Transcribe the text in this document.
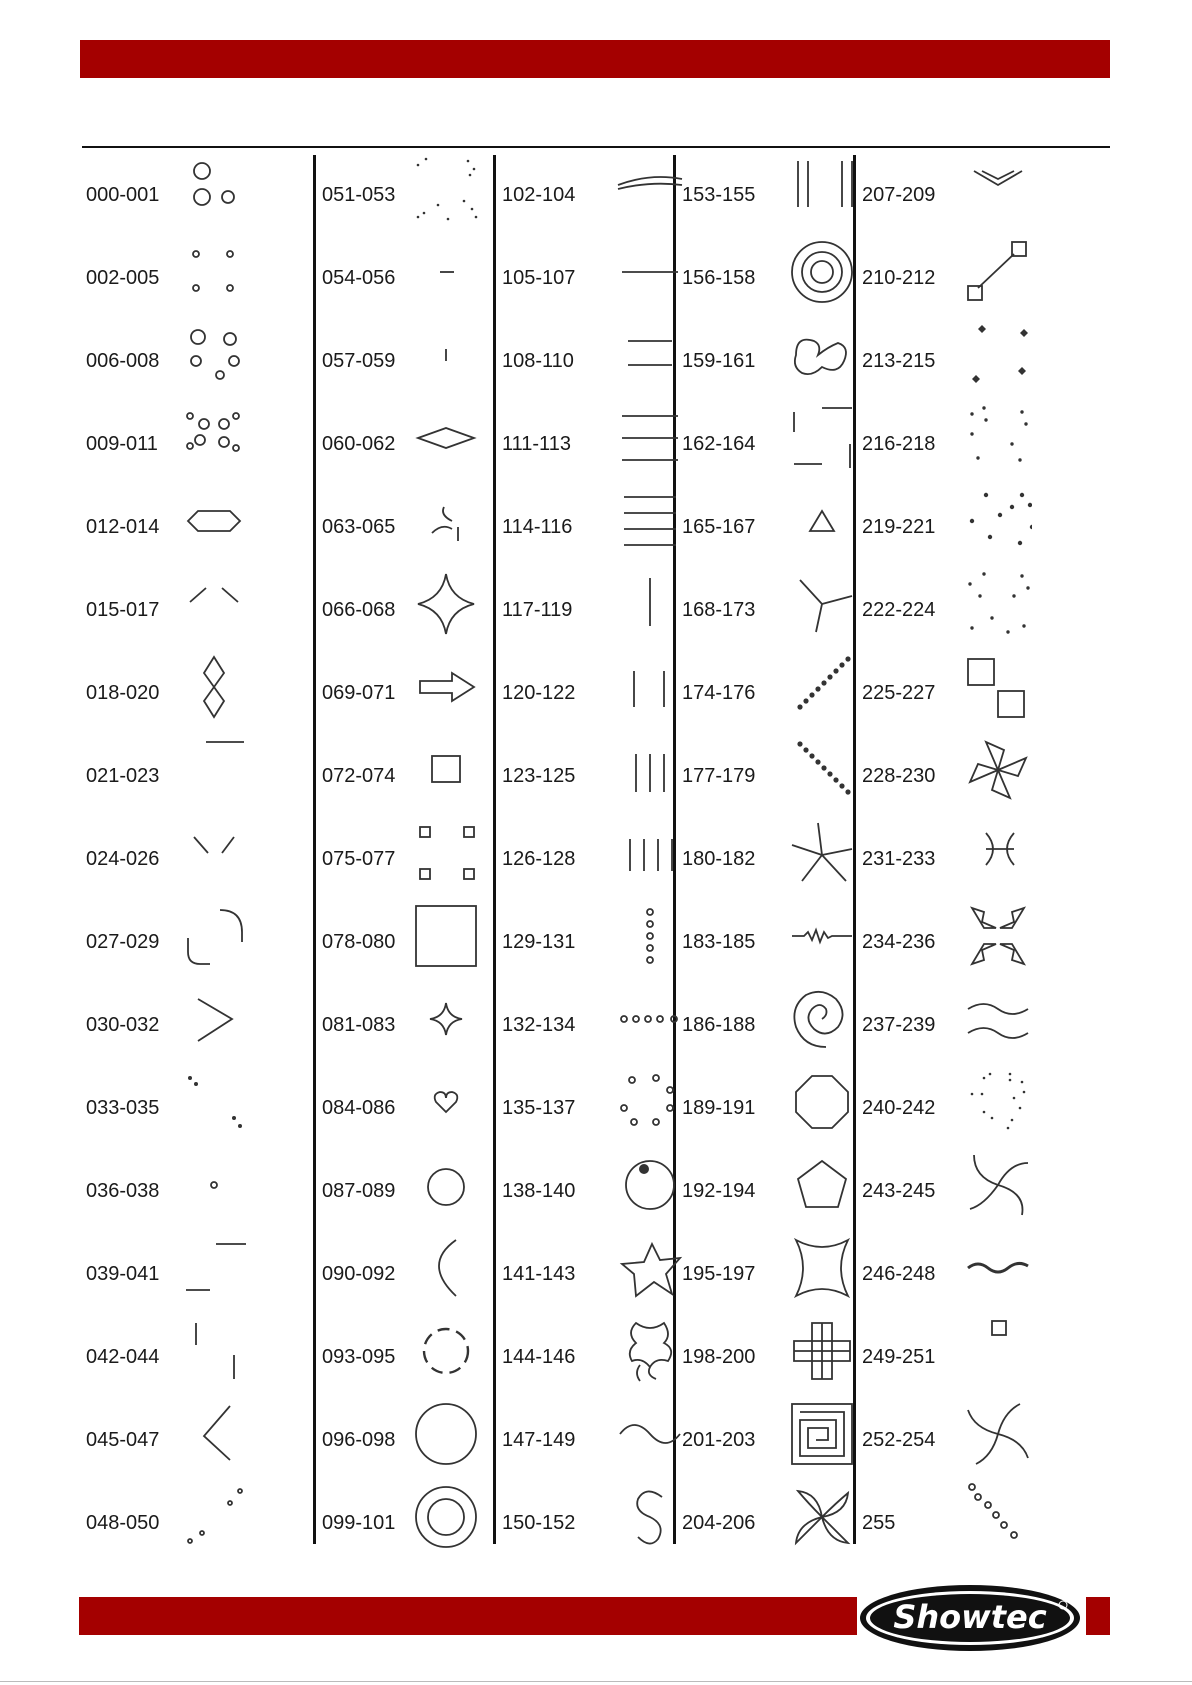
000-001
002-005
006-008
009-011
012-014
015-017
018-020
021-023
024-026
027-029
030-032
033-035
036-038
039-041
042-044
045-047
048-050
051-053
054-056
057-059
060-062
063-065
066-068
069-071
072-074
075-077
078-080
081-083
084-086
087-089
090-092
093-095
096-098
099-101
102-104
105-107
108-110
111-113
114-116
117-119
120-122
123-125
126-128
129-131
132-134
135-137
138-140
141-143
144-146
147-149
150-152
153-155
156-158
159-161
162-164
165-167
168-173
174-176
177-179
180-182
183-185
186-188
189-191
192-194
195-197
198-200
201-203
204-206
207-209
210-212
213-215
216-218
219-221
222-224
225-227
228-230
231-233
234-236
237-239
240-242
243-245
246-248
249-251
252-254
255
Showtec
